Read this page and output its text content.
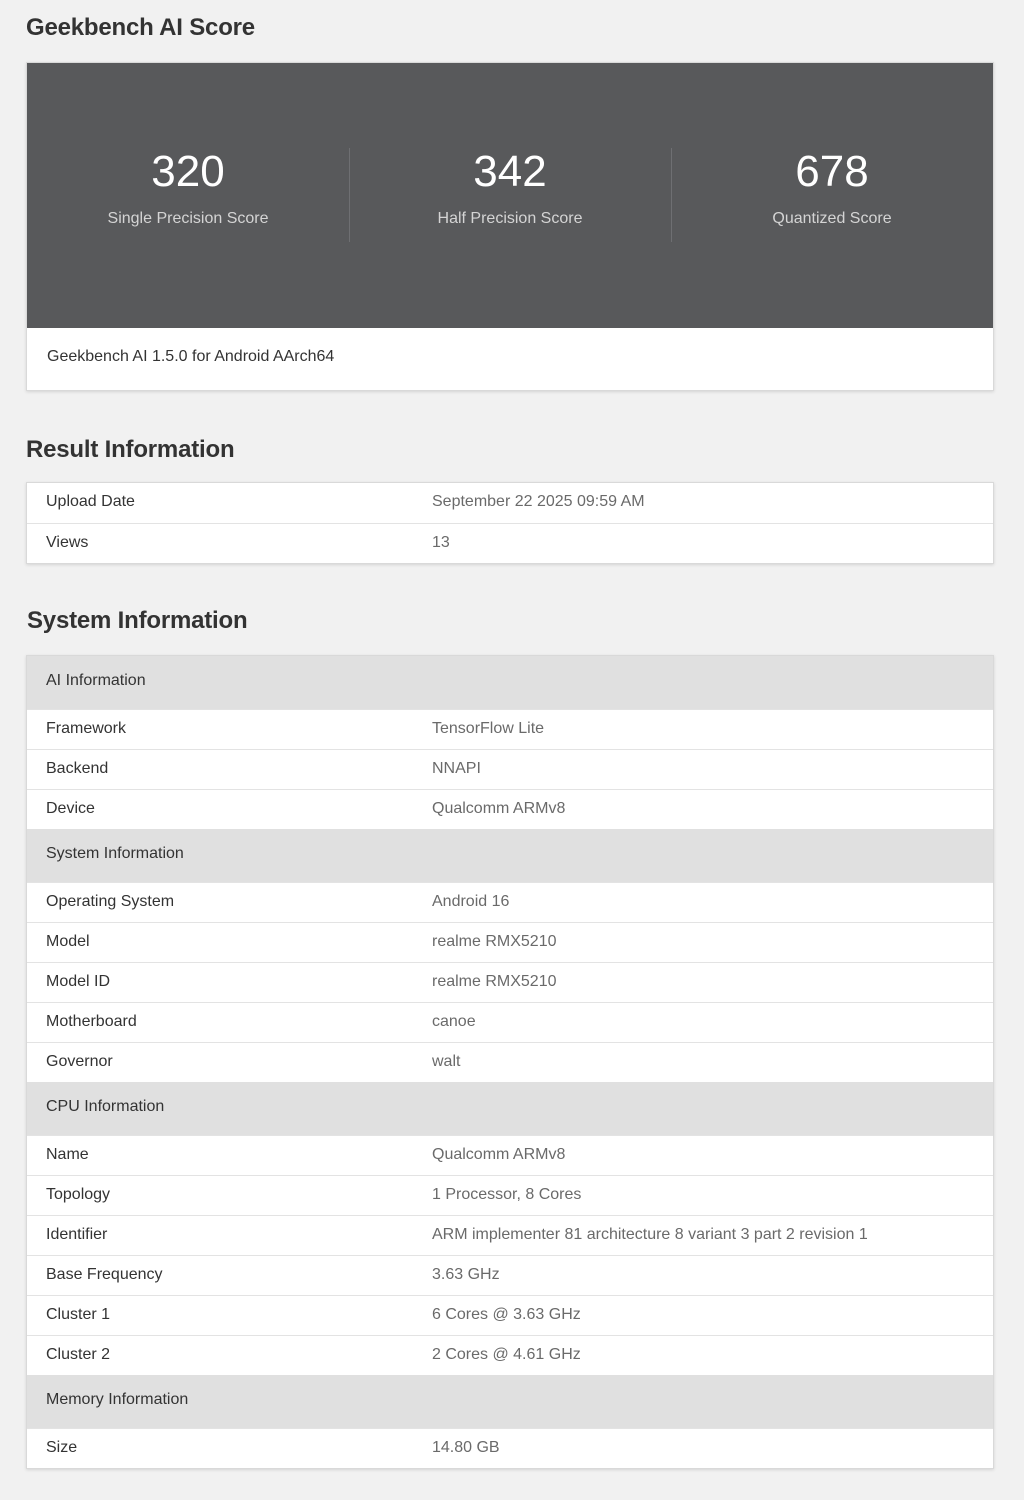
Geekbench AI Score
320
Single Precision Score
342
Half Precision Score
678
Quantized Score
Geekbench AI 1.5.0 for Android AArch64
Result Information
Upload Date	September 22 2025 09:59 AM
Views	13
System Information
AI Information
Framework	TensorFlow Lite
Backend	NNAPI
Device	Qualcomm ARMv8
System Information
Operating System	Android 16
Model	realme RMX5210
Model ID	realme RMX5210
Motherboard	canoe
Governor	walt
CPU Information
Name	Qualcomm ARMv8
Topology	1 Processor, 8 Cores
Identifier	ARM implementer 81 architecture 8 variant 3 part 2 revision 1
Base Frequency	3.63 GHz
Cluster 1	6 Cores @ 3.63 GHz
Cluster 2	2 Cores @ 4.61 GHz
Memory Information
Size	14.80 GB
